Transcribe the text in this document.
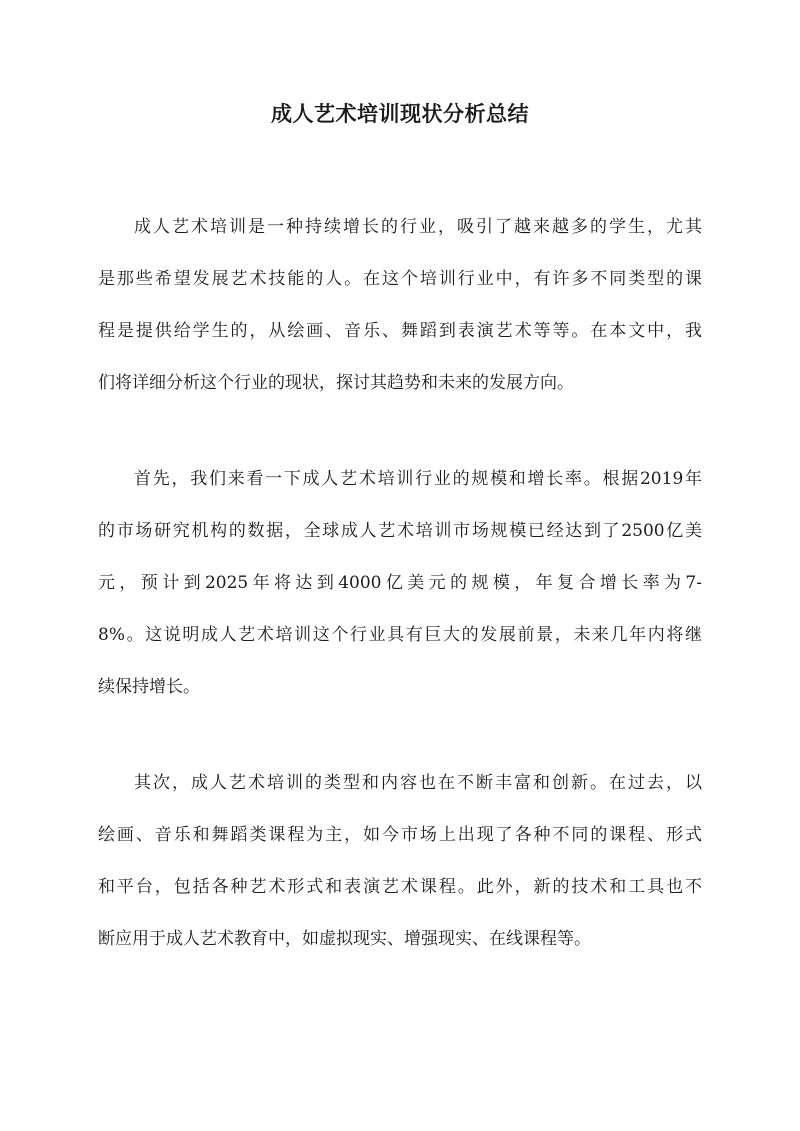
成人艺术培训现状分析总结
成人艺术培训是一种持续增长的行业，吸引了越来越多的学生，尤其
是那些希望发展艺术技能的人。在这个培训行业中，有许多不同类型的课
程是提供给学生的，从绘画、音乐、舞蹈到表演艺术等等。在本文中，我
们将详细分析这个行业的现状，探讨其趋势和未来的发展方向。
首先，我们来看一下成人艺术培训行业的规模和增长率。根据2019年
的市场研究机构的数据，全球成人艺术培训市场规模已经达到了2500亿美
元，预计到2025年将达到4000亿美元的规模，年复合增长率为7-
8%。这说明成人艺术培训这个行业具有巨大的发展前景，未来几年内将继
续保持增长。
其次，成人艺术培训的类型和内容也在不断丰富和创新。在过去，以
绘画、音乐和舞蹈类课程为主，如今市场上出现了各种不同的课程、形式
和平台，包括各种艺术形式和表演艺术课程。此外，新的技术和工具也不
断应用于成人艺术教育中，如虚拟现实、增强现实、在线课程等。
